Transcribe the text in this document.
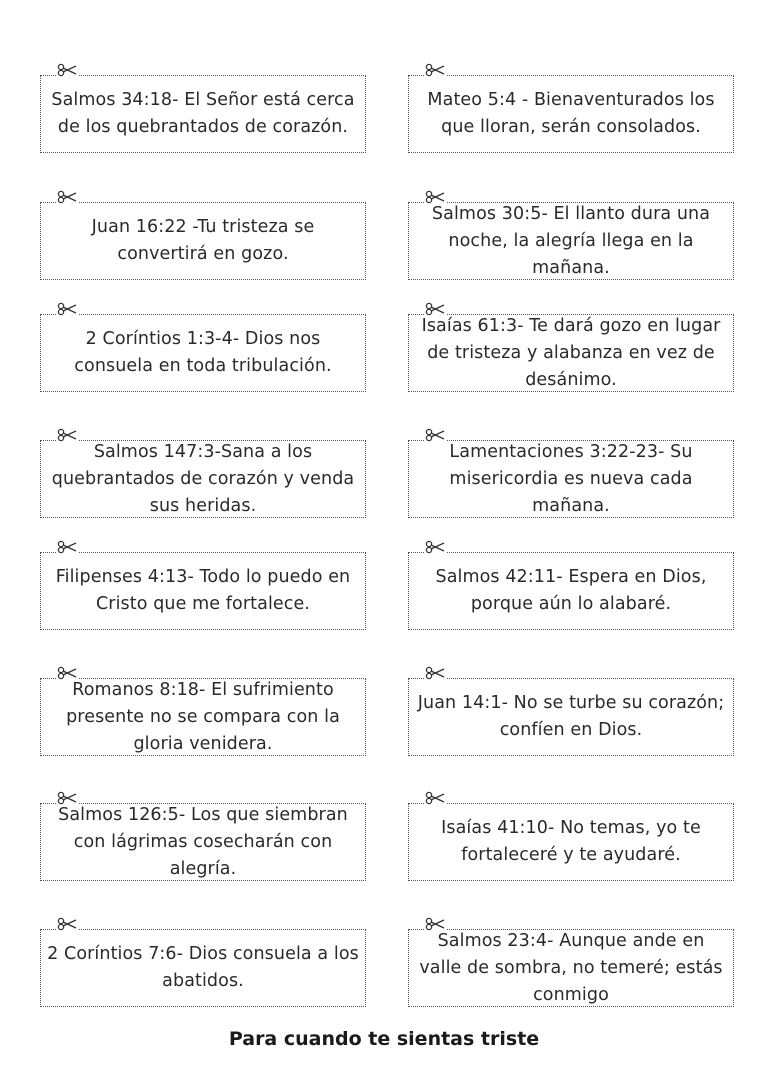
Salmos 34:18- El Señor está cerca de los quebrantados de corazón.
Mateo 5:4 - Bienaventurados los que lloran, serán consolados.
Juan 16:22 -Tu tristeza se convertirá en gozo.
Salmos 30:5- El llanto dura una noche, la alegría llega en la mañana.
2 Coríntios 1:3-4- Dios nos consuela en toda tribulación.
Isaías 61:3- Te dará gozo en lugar de tristeza y alabanza en vez de desánimo.
Salmos 147:3-Sana a los quebrantados de corazón y venda sus heridas.
Lamentaciones 3:22-23- Su misericordia es nueva cada mañana.
Filipenses 4:13- Todo lo puedo en Cristo que me fortalece.
Salmos 42:11- Espera en Dios, porque aún lo alabaré.
Romanos 8:18- El sufrimiento presente no se compara con la gloria venidera.
Juan 14:1- No se turbe su corazón; confíen en Dios.
Salmos 126:5- Los que siembran con lágrimas cosecharán con alegría.
Isaías 41:10- No temas, yo te fortaleceré y te ayudaré.
2 Coríntios 7:6- Dios consuela a los abatidos.
Salmos 23:4- Aunque ande en valle de sombra, no temeré; estás conmigo
Para cuando te sientas triste
